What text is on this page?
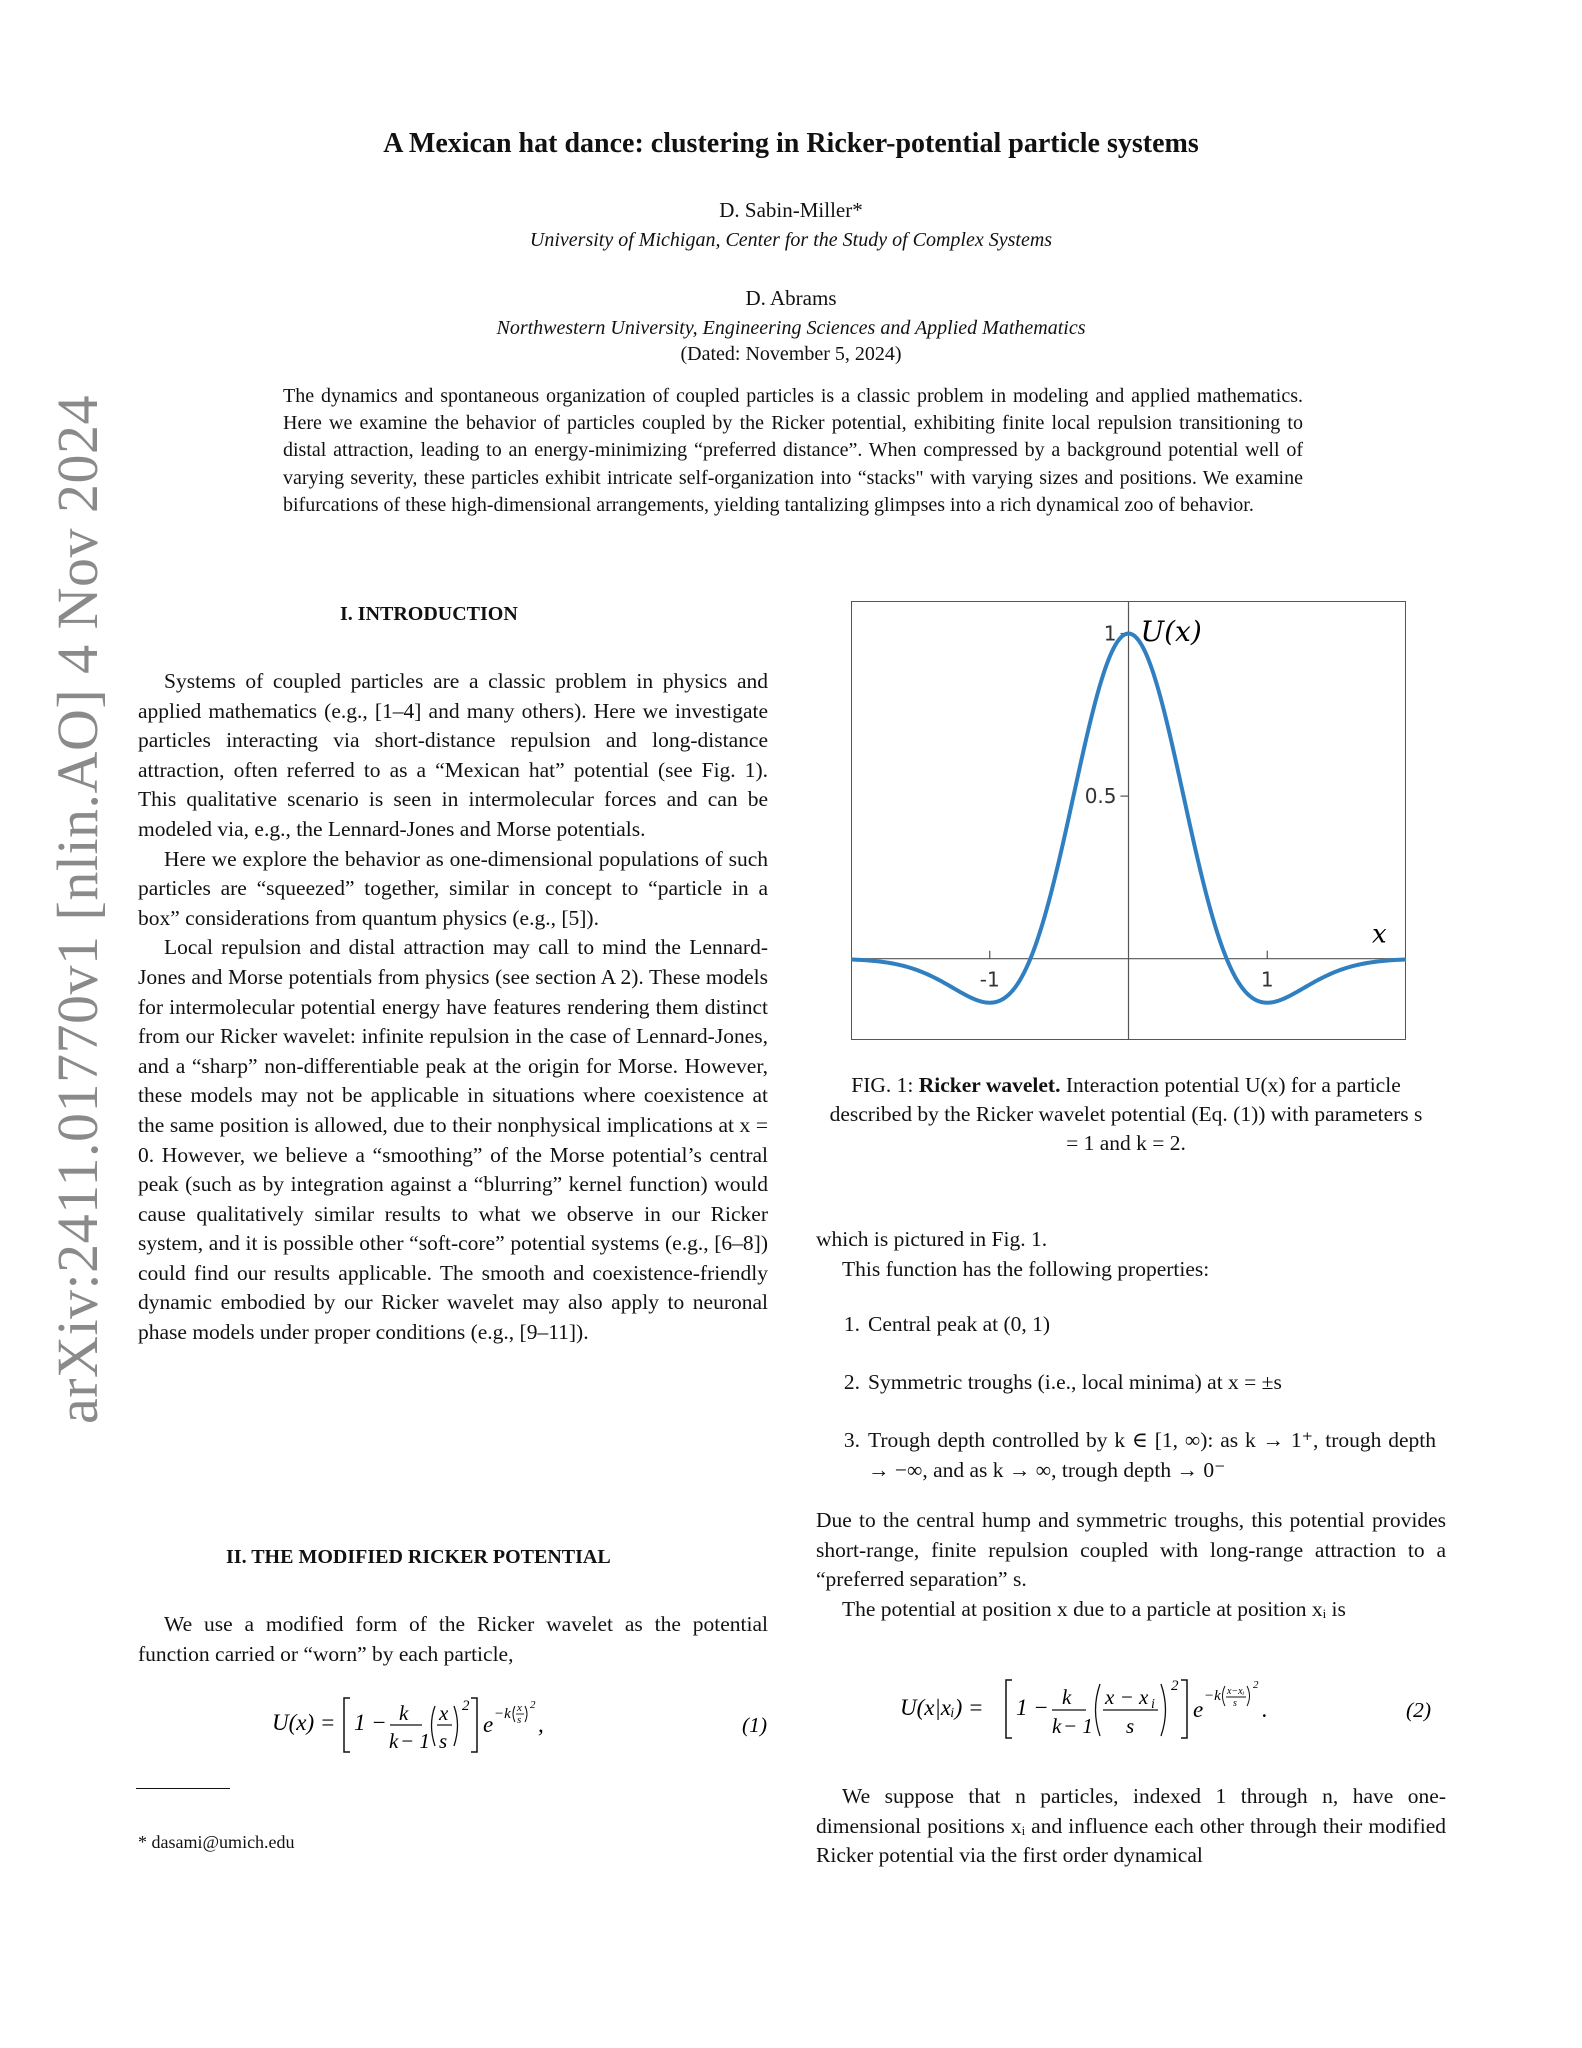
arXiv:2411.01770v1 [nlin.AO] 4 Nov 2024
A Mexican hat dance: clustering in Ricker-potential particle systems
D. Sabin-Miller*
University of Michigan, Center for the Study of Complex Systems
D. Abrams
Northwestern University, Engineering Sciences and Applied Mathematics
(Dated: November 5, 2024)
The dynamics and spontaneous organization of coupled particles is a classic problem in modeling and applied mathematics. Here we examine the behavior of particles coupled by the Ricker potential, exhibiting finite local repulsion transitioning to distal attraction, leading to an energy-minimizing “preferred distance”. When compressed by a background potential well of varying severity, these particles exhibit intricate self-organization into “stacks" with varying sizes and positions. We examine bifurcations of these high-dimensional arrangements, yielding tantalizing glimpses into a rich dynamical zoo of behavior.
I. INTRODUCTION

Systems of coupled particles are a classic problem in physics and applied mathematics (e.g., [1–4] and many others). Here we investigate particles interacting via short-distance repulsion and long-distance attraction, often referred to as a “Mexican hat” potential (see Fig. 1). This qualitative scenario is seen in intermolecular forces and can be modeled via, e.g., the Lennard-Jones and Morse potentials.

Here we explore the behavior as one-dimensional populations of such particles are “squeezed” together, similar in concept to “particle in a box” considerations from quantum physics (e.g., [5]).

Local repulsion and distal attraction may call to mind the Lennard-Jones and Morse potentials from physics (see section A 2). These models for intermolecular potential energy have features rendering them distinct from our Ricker wavelet: infinite repulsion in the case of Lennard-Jones, and a “sharp” non-differentiable peak at the origin for Morse. However, these models may not be applicable in situations where coexistence at the same position is allowed, due to their nonphysical implications at x = 0. However, we believe a “smoothing” of the Morse potential’s central peak (such as by integration against a “blurring” kernel function) would cause qualitatively similar results to what we observe in our Ricker system, and it is possible other “soft-core” potential systems (e.g., [6–8]) could find our results applicable. The smooth and coexistence-friendly dynamic embodied by our Ricker wavelet may also apply to neuronal phase models under proper conditions (e.g., [9–11]).

II. THE MODIFIED RICKER POTENTIAL

We use a modified form of the Ricker wavelet as the potential function carried or “worn” by each particle,

U(x) = 1 − k
k − 1
x
s
2
e −k x
s
2
,	(1)
* dasami@umich.edu
-1	1
0.5
1 U(x)
x
FIG. 1: Ricker wavelet. Interaction potential U(x) for a particle described by the Ricker wavelet potential (Eq. (1)) with parameters s = 1 and k = 2.
which is pictured in Fig. 1.

This function has the following properties:

1. Central peak at (0, 1)
2. Symmetric troughs (i.e., local minima) at x = ±s
3. Trough depth controlled by k ∈ [1, ∞): as k → 1⁺, trough depth → −∞, and as k → ∞, trough depth → 0⁻
Due to the central hump and symmetric troughs, this potential provides short-range, finite repulsion coupled with long-range attraction to a “preferred separation” s.

The potential at position x due to a particle at position xᵢ is

U(x|xᵢ) = 1 − k
k − 1
x − x i
s
2
e
−k x−xᵢ
s
2
.	(2)

We suppose that n particles, indexed 1 through n, have one-dimensional positions xᵢ and influence each other through their modified Ricker potential via the first order dynamical
